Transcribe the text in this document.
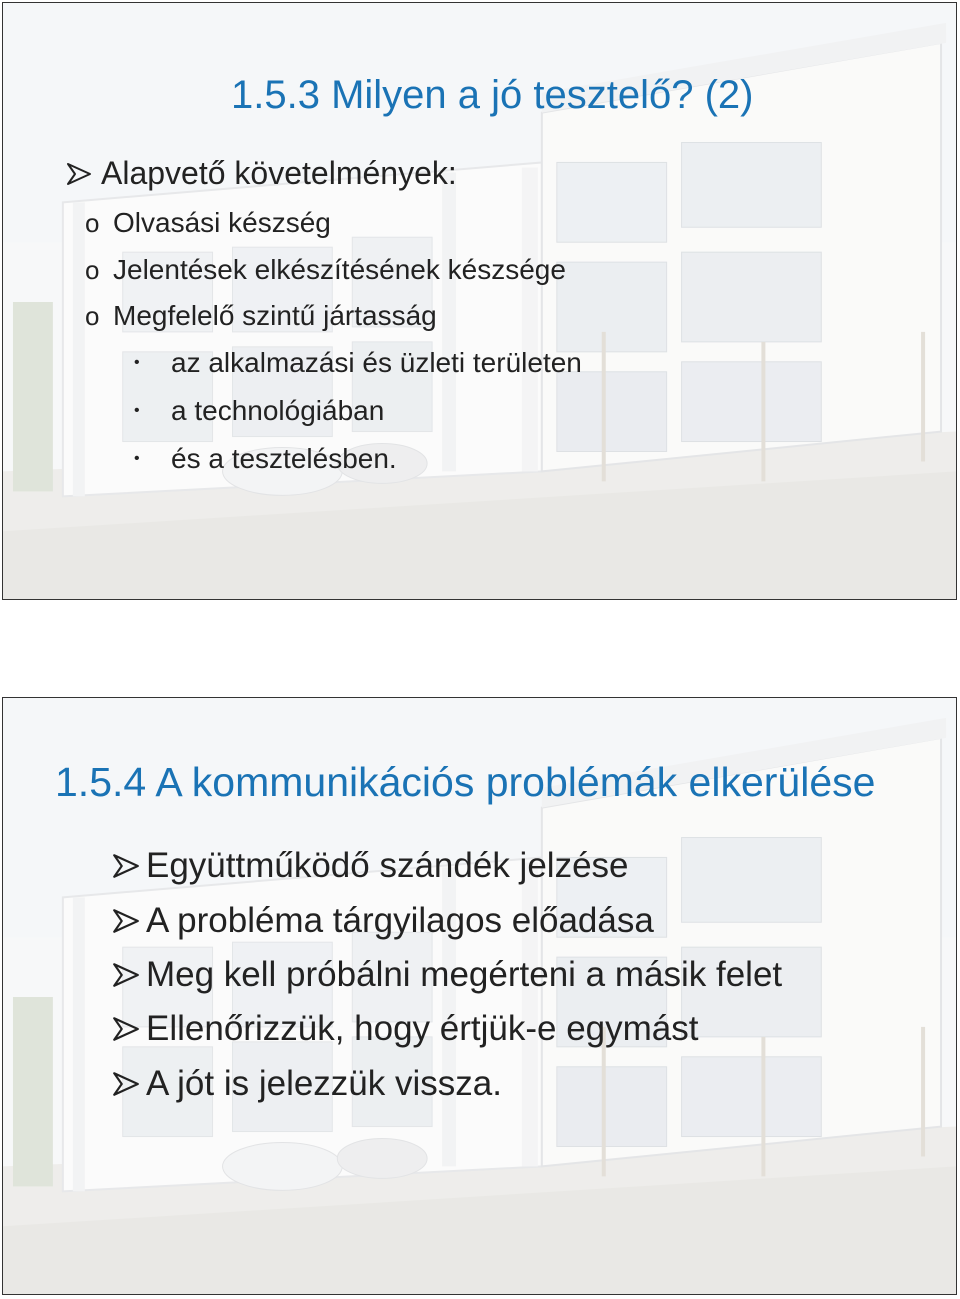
1.5.3 Milyen a jó tesztelő? (2)
Alapvető követelmények:
o Olvasási készség
o Jelentések elkészítésének készsége
o Megfelelő szintű jártasság
•	az alkalmazási és üzleti területen
•	a technológiában
•	és a tesztelésben.
1.5.4 A kommunikációs problémák elkerülése
Együttműködő szándék jelzése
A probléma tárgyilagos előadása
Meg kell próbálni megérteni a másik felet
Ellenőrizzük, hogy értjük-e egymást
A jót is jelezzük vissza.
